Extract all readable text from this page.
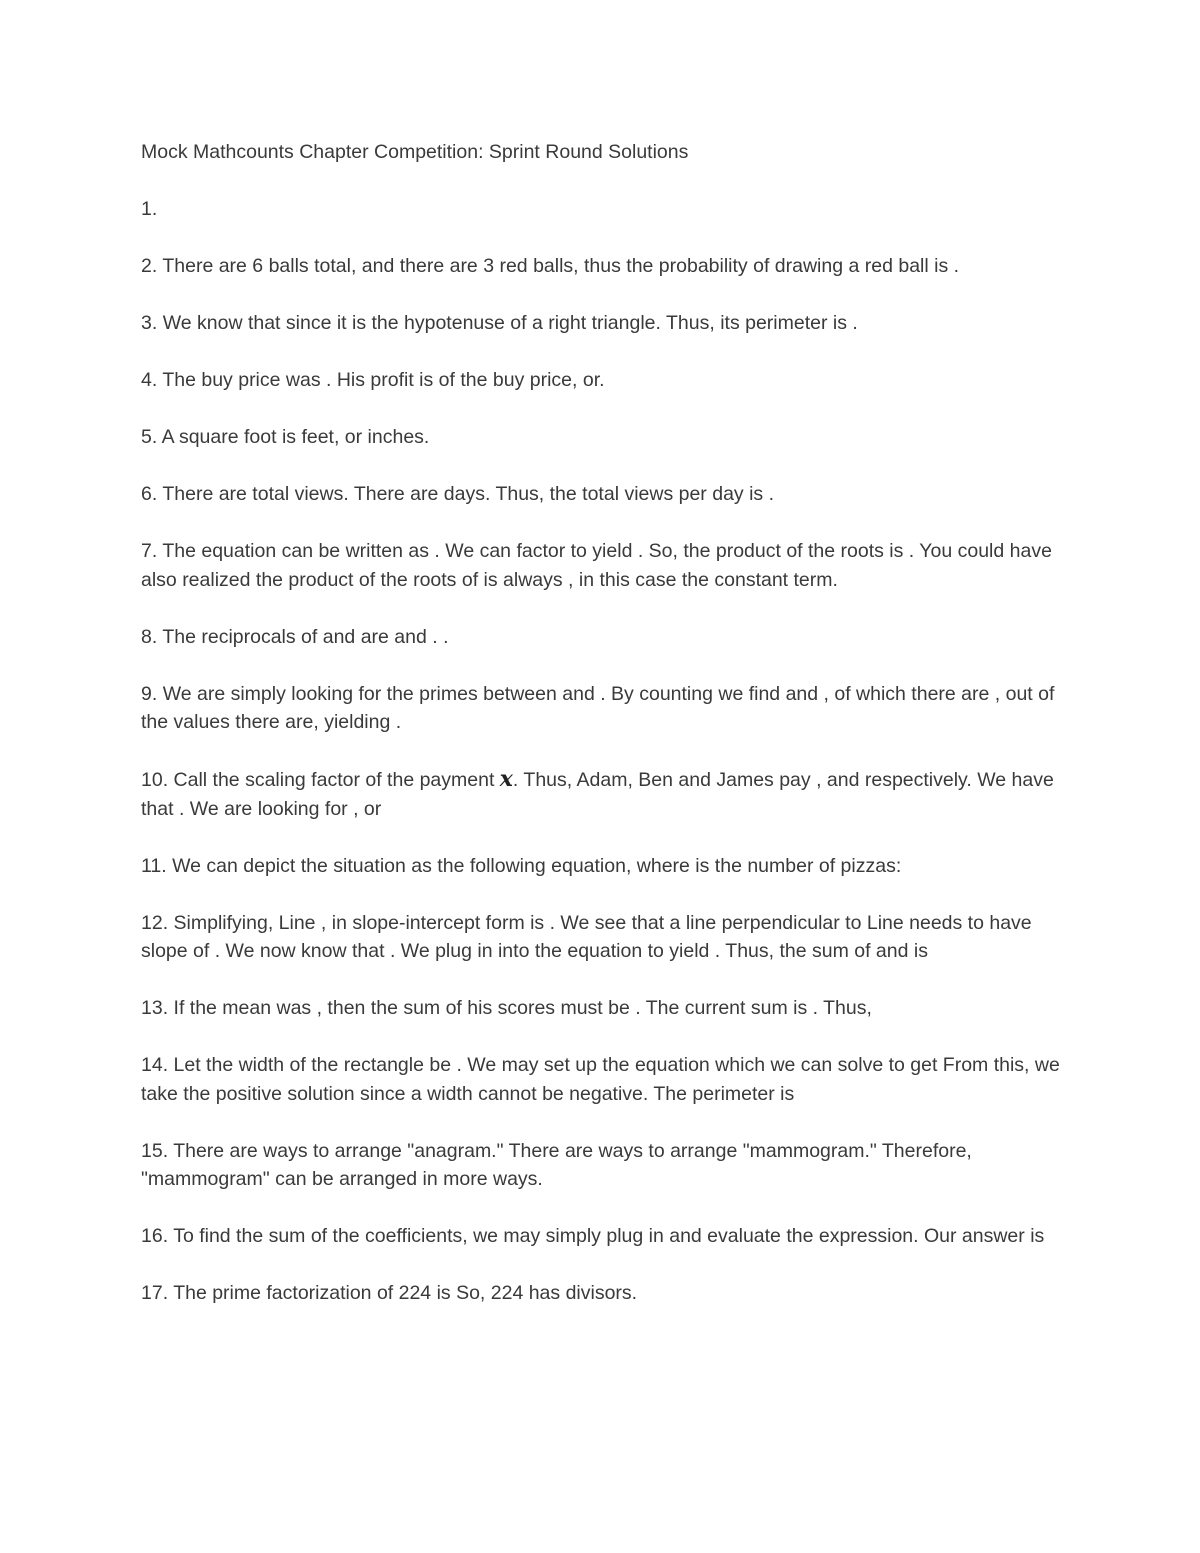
Mock Mathcounts Chapter Competition: Sprint Round Solutions
1.
2. There are 6 balls total, and there are 3 red balls, thus the probability of drawing a red ball is .
3. We know that since it is the hypotenuse of a right triangle. Thus, its perimeter is .
4. The buy price was . His profit is of the buy price, or.
5. A square foot is feet, or inches.
6. There are total views. There are days. Thus, the total views per day is .
7. The equation can be written as . We can factor to yield . So, the product of the roots is . You could have also realized the product of the roots of is always , in this case the constant term.
8. The reciprocals of and are and . .
9. We are simply looking for the primes between and . By counting we find and , of which there are , out of the values there are, yielding .
10. Call the scaling factor of the payment x. Thus, Adam, Ben and James pay , and respectively. We have that . We are looking for , or
11. We can depict the situation as the following equation, where is the number of pizzas:
12. Simplifying, Line , in slope-intercept form is . We see that a line perpendicular to Line needs to have slope of . We now know that . We plug in into the equation to yield . Thus, the sum of and is
13. If the mean was , then the sum of his scores must be . The current sum is . Thus,
14. Let the width of the rectangle be . We may set up the equation which we can solve to get From this, we take the positive solution since a width cannot be negative. The perimeter is
15. There are ways to arrange "anagram." There are ways to arrange "mammogram." Therefore, "mammogram" can be arranged in more ways.
16. To find the sum of the coefficients, we may simply plug in and evaluate the expression. Our answer is
17. The prime factorization of 224 is So, 224 has divisors.
